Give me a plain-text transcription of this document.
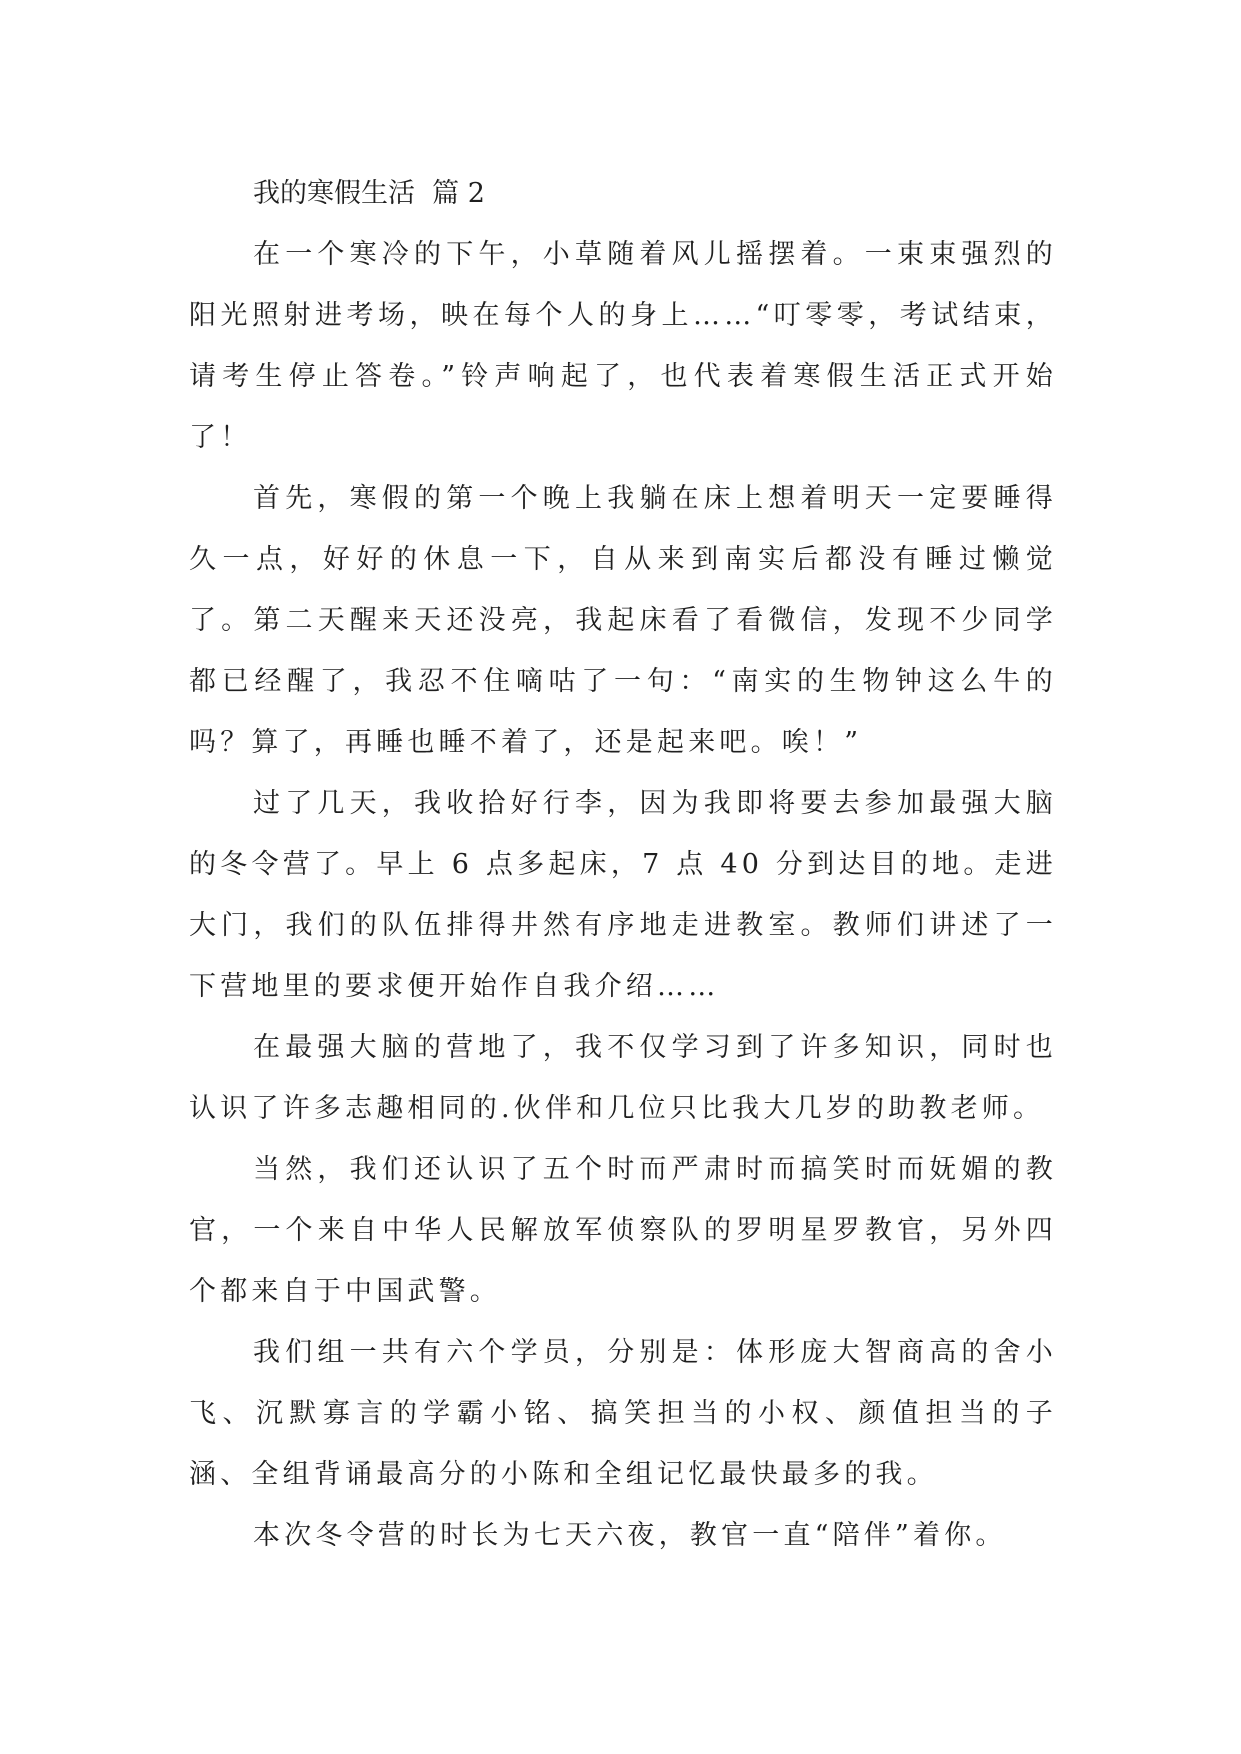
我的寒假生活  篇 2

在一个寒冷的下午，小草随着风儿摇摆着。一束束强烈的阳光照射进考场，映在每个人的身上……“叮零零，考试结束，请考生停止答卷。”铃声响起了，也代表着寒假生活正式开始了！

首先，寒假的第一个晚上我躺在床上想着明天一定要睡得久一点，好好的休息一下，自从来到南实后都没有睡过懒觉了。第二天醒来天还没亮，我起床看了看微信，发现不少同学都已经醒了，我忍不住嘀咕了一句：“南实的生物钟这么牛的吗？算了，再睡也睡不着了，还是起来吧。唉！”

过了几天，我收拾好行李，因为我即将要去参加最强大脑的冬令营了。早上 6 点多起床，7 点 40 分到达目的地。走进大门，我们的队伍排得井然有序地走进教室。教师们讲述了一下营地里的要求便开始作自我介绍……

在最强大脑的营地了，我不仅学习到了许多知识，同时也认识了许多志趣相同的.伙伴和几位只比我大几岁的助教老师。

当然，我们还认识了五个时而严肃时而搞笑时而妩媚的教官，一个来自中华人民解放军侦察队的罗明星罗教官，另外四个都来自于中国武警。

我们组一共有六个学员，分别是：体形庞大智商高的舍小飞、沉默寡言的学霸小铭、搞笑担当的小权、颜值担当的子涵、全组背诵最高分的小陈和全组记忆最快最多的我。

本次冬令营的时长为七天六夜，教官一直“陪伴”着你。
